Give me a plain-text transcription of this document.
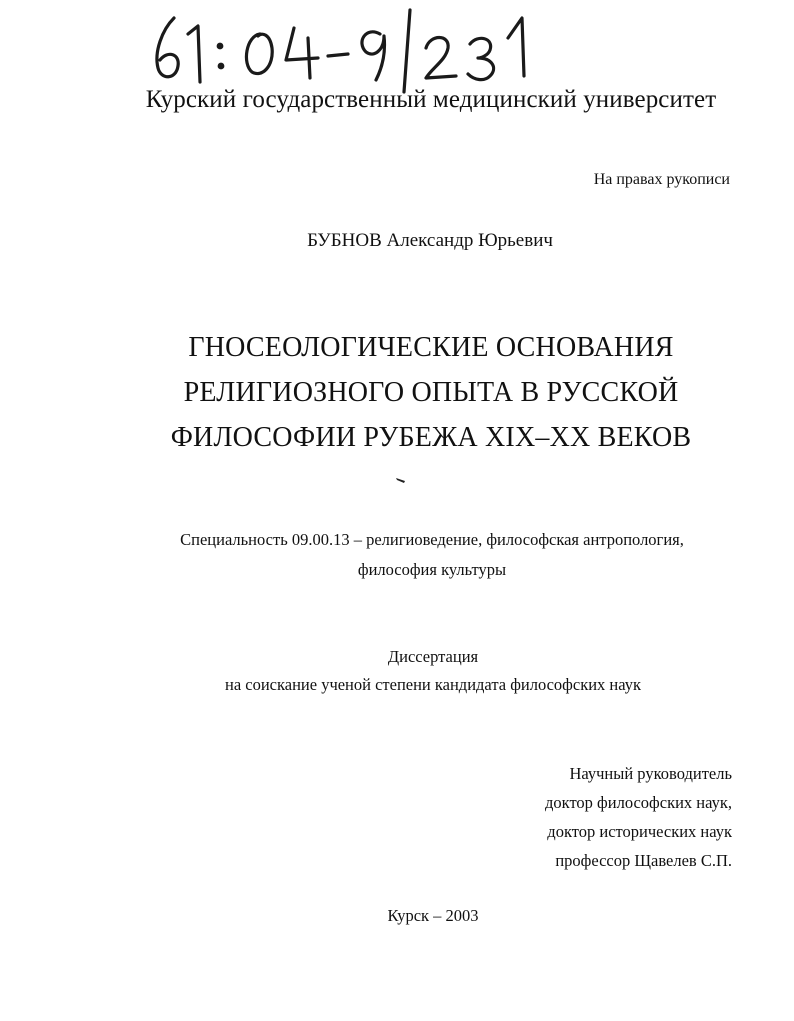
Курский государственный медицинский университет
На правах рукописи
БУБНОВ Александр Юрьевич
ГНОСЕОЛОГИЧЕСКИЕ ОСНОВАНИЯ
РЕЛИГИОЗНОГО ОПЫТА В РУССКОЙ
ФИЛОСОФИИ РУБЕЖА XIX–XX ВЕКОВ
Специальность 09.00.13 – религиоведение, философская антропология,
философия культуры
Диссертация
на соискание ученой степени кандидата философских наук
Научный руководитель
доктор философских наук,
доктор исторических наук
профессор Щавелев С.П.
Курск – 2003
